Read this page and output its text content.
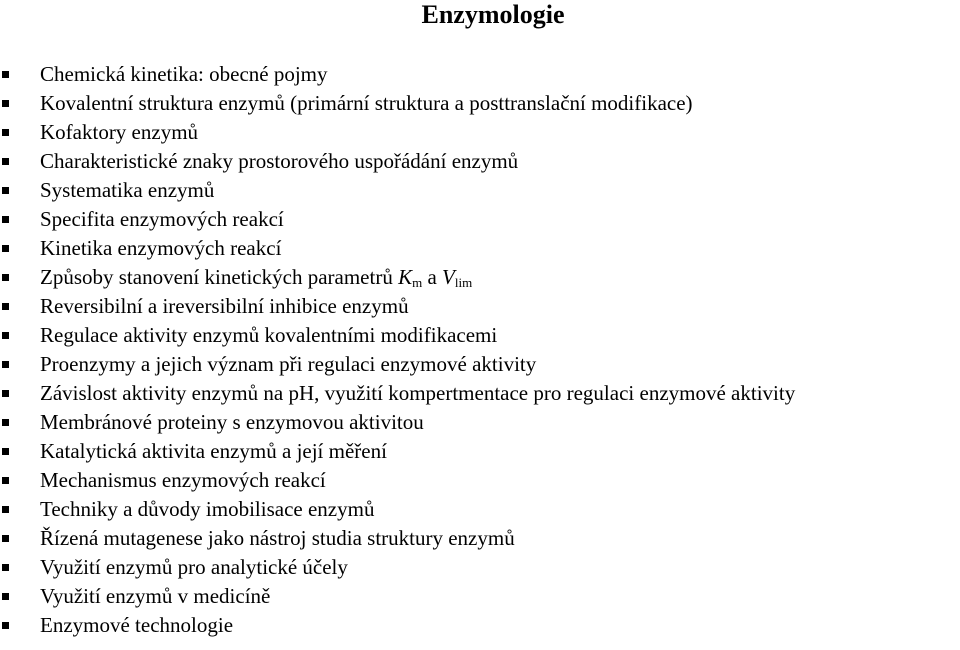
Enzymologie
Chemická kinetika: obecné pojmy
Kovalentní struktura enzymů (primární struktura a posttranslační modifikace)
Kofaktory enzymů
Charakteristické znaky prostorového uspořádání enzymů
Systematika enzymů
Specifita enzymových reakcí
Kinetika enzymových reakcí
Způsoby stanovení kinetických parametrů $K_m$ a $V_{lim}$
Reversibilní a ireversibilní inhibice enzymů
Regulace aktivity enzymů kovalentními modifikacemi
Proenzymy a jejich význam při regulaci enzymové aktivity
Závislost aktivity enzymů na pH, využití kompertmentace pro regulaci enzymové aktivity
Membránové proteiny s enzymovou aktivitou
Katalytická aktivita enzymů a její měření
Mechanismus enzymových reakcí
Techniky a důvody imobilisace enzymů
Řízená mutagenese jako nástroj studia struktury enzymů
Využití enzymů pro analytické účely
Využití enzymů v medicíně
Enzymové technologie
